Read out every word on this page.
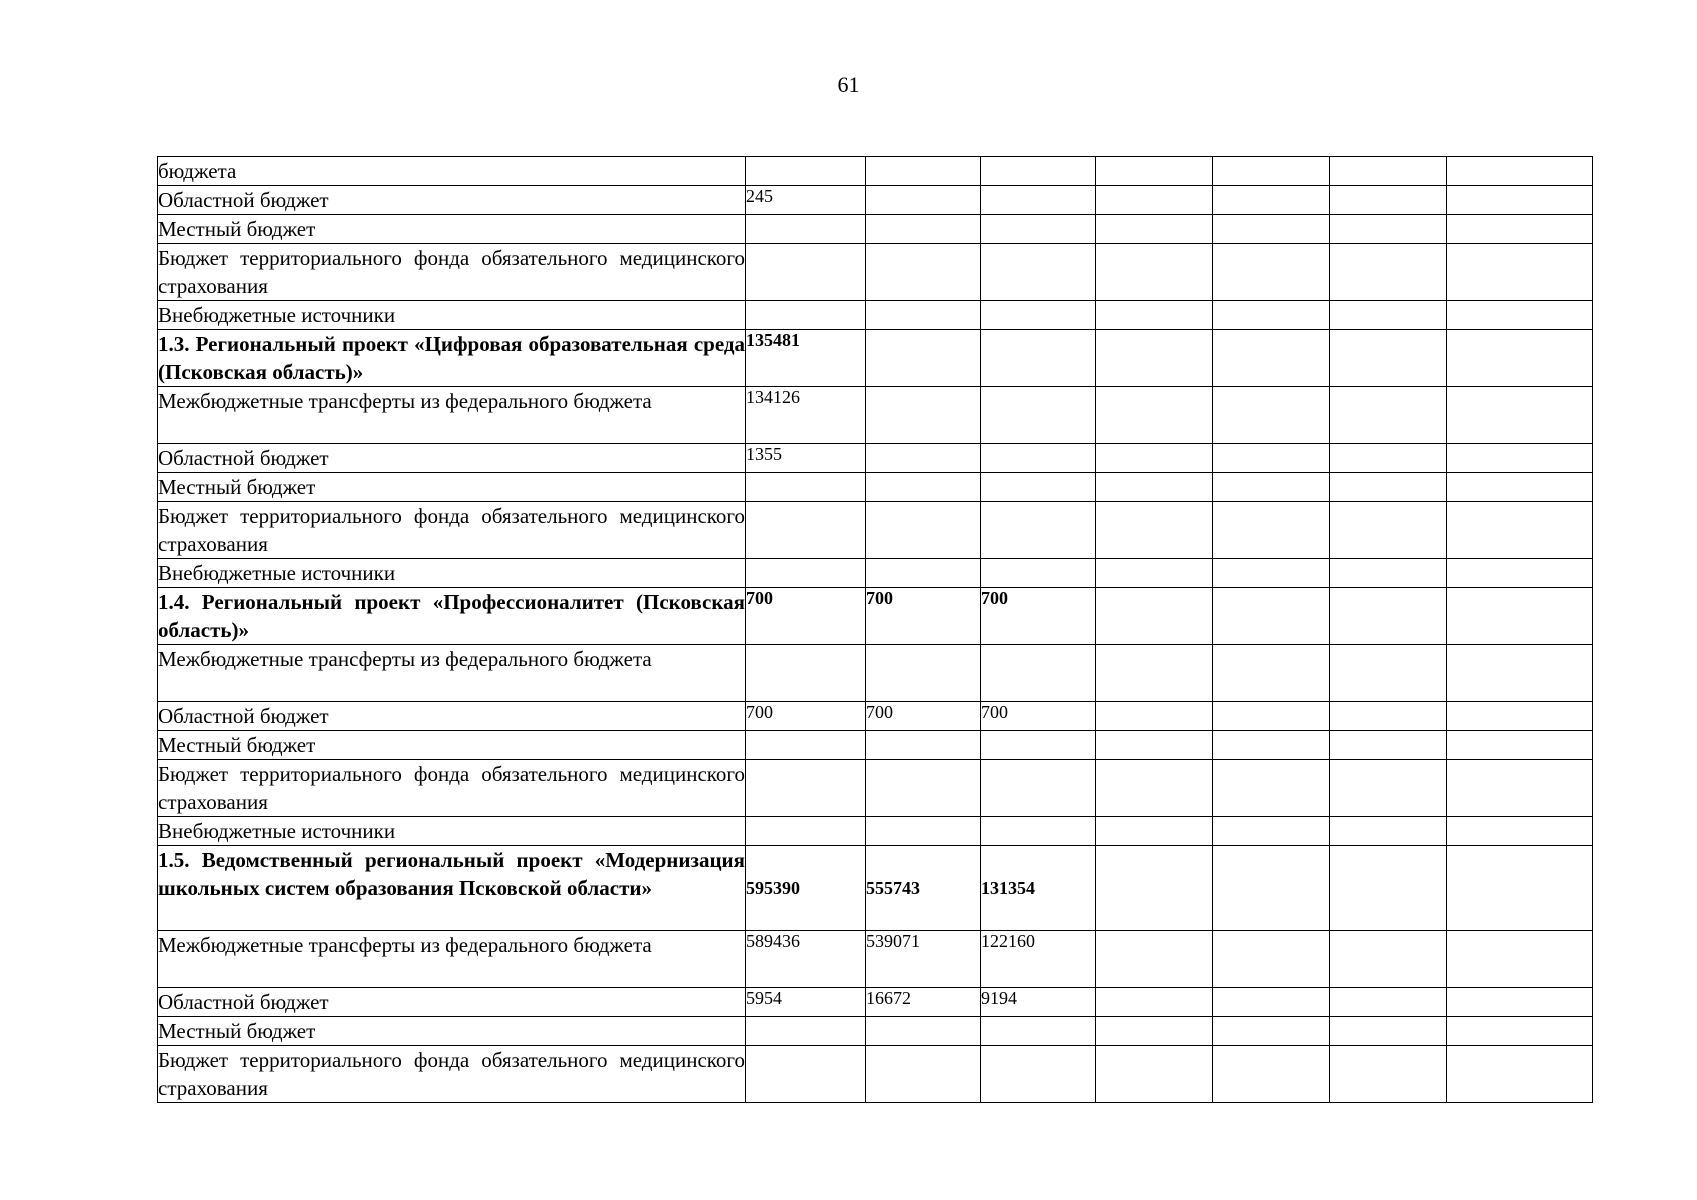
61
бюджета							
Областной бюджет	245						
Местный бюджет							
Бюджет территориального фонда обязательного медицинского страхования							
Внебюджетные источники							
1.3. Региональный проект «Цифровая образовательная среда (Псковская область)»	135481						
Межбюджетные трансферты из федерального бюджета	134126						
Областной бюджет	1355						
Местный бюджет							
Бюджет территориального фонда обязательного медицинского страхования							
Внебюджетные источники							
1.4. Региональный проект «Профессионалитет (Псковская область)»	700	700	700				
Межбюджетные трансферты из федерального бюджета							
Областной бюджет	700	700	700				
Местный бюджет							
Бюджет территориального фонда обязательного медицинского страхования							
Внебюджетные источники							
1.5. Ведомственный региональный проект «Модернизация школьных систем образования Псковской области»	595390	555743	131354				
Межбюджетные трансферты из федерального бюджета	589436	539071	122160				
Областной бюджет	5954	16672	9194				
Местный бюджет							
Бюджет территориального фонда обязательного медицинского страхования							
